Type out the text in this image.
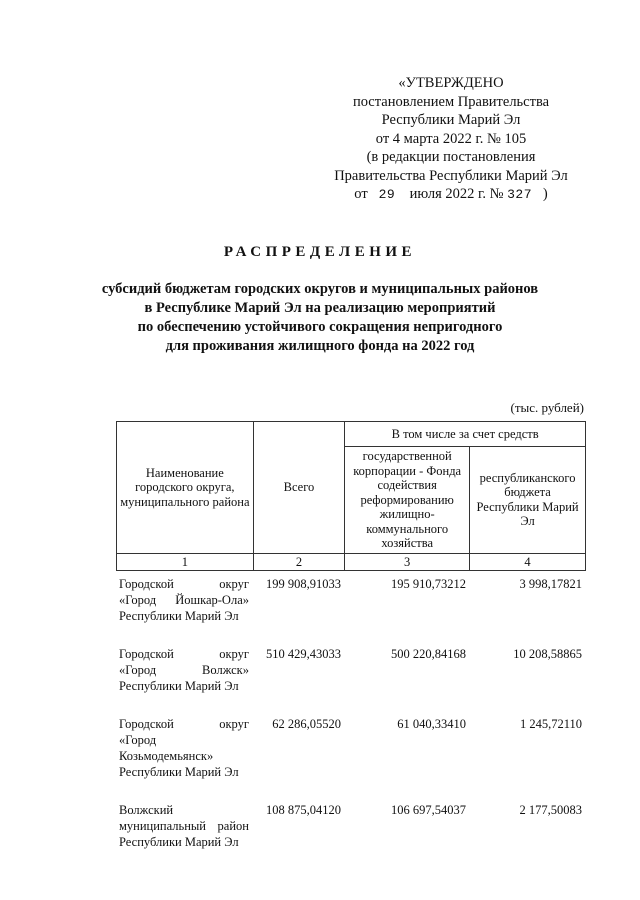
«УТВЕРЖДЕНО
постановлением Правительства
Республики Марий Эл
от 4 марта 2022 г. № 105
(в редакции постановления
Правительства Республики Марий Эл
от 29 июля 2022 г. № 327 )
РАСПРЕДЕЛЕНИЕ
субсидий бюджетам городских округов и муниципальных районов
в Республике Марий Эл на реализацию мероприятий
по обеспечению устойчивого сокращения непригодного
для проживания жилищного фонда на 2022 год
(тыс. рублей)
Наименование городского округа, муниципального района	Всего	В том числе за счет средств	
		государственной корпорации - Фонда содействия реформированию жилищно-коммунального хозяйства	республиканского бюджета Республики Марий Эл
1	2	3	4
Городской округ
«Город Йошкар-Ола»
Республики Марий Эл	199 908,91033	195 910,73212	3 998,17821

Городской округ
«Город Волжск»
Республики Марий Эл	510 429,43033	500 220,84168	10 208,58865

Городской округ
«Город
Козьмодемьянск»
Республики Марий Эл	62 286,05520	61 040,33410	1 245,72110

Волжский
муниципальный район
Республики Марий Эл	108 875,04120	106 697,54037	2 177,50083
